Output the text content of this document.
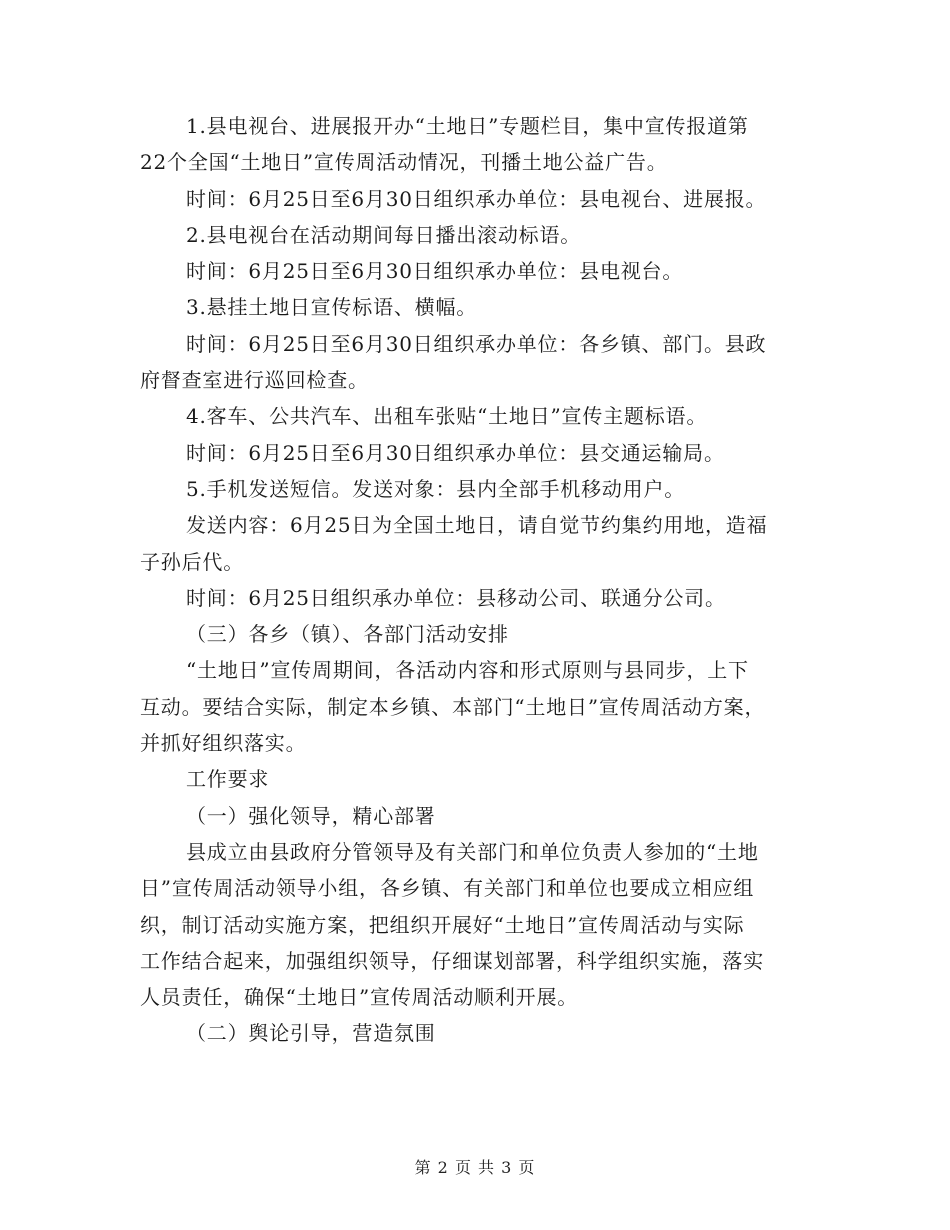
1.县电视台、进展报开办“土地日”专题栏目，集中宣传报道第
22个全国“土地日”宣传周活动情况，刊播土地公益广告。
时间：6月25日至6月30日组织承办单位：县电视台、进展报。
2.县电视台在活动期间每日播出滚动标语。
时间：6月25日至6月30日组织承办单位：县电视台。
3.悬挂土地日宣传标语、横幅。
时间：6月25日至6月30日组织承办单位：各乡镇、部门。县政
府督查室进行巡回检查。
4.客车、公共汽车、出租车张贴“土地日”宣传主题标语。
时间：6月25日至6月30日组织承办单位：县交通运输局。
5.手机发送短信。发送对象：县内全部手机移动用户。
发送内容：6月25日为全国土地日，请自觉节约集约用地，造福
子孙后代。
时间：6月25日组织承办单位：县移动公司、联通分公司。
（三）各乡（镇）、各部门活动安排
“土地日”宣传周期间，各活动内容和形式原则与县同步，上下
互动。要结合实际，制定本乡镇、本部门“土地日”宣传周活动方案，
并抓好组织落实。
工作要求
（一）强化领导，精心部署
县成立由县政府分管领导及有关部门和单位负责人参加的“土地
日”宣传周活动领导小组，各乡镇、有关部门和单位也要成立相应组
织，制订活动实施方案，把组织开展好“土地日”宣传周活动与实际
工作结合起来，加强组织领导，仔细谋划部署，科学组织实施，落实
人员责任，确保“土地日”宣传周活动顺利开展。
（二）舆论引导，营造氛围
第 2 页 共 3 页
